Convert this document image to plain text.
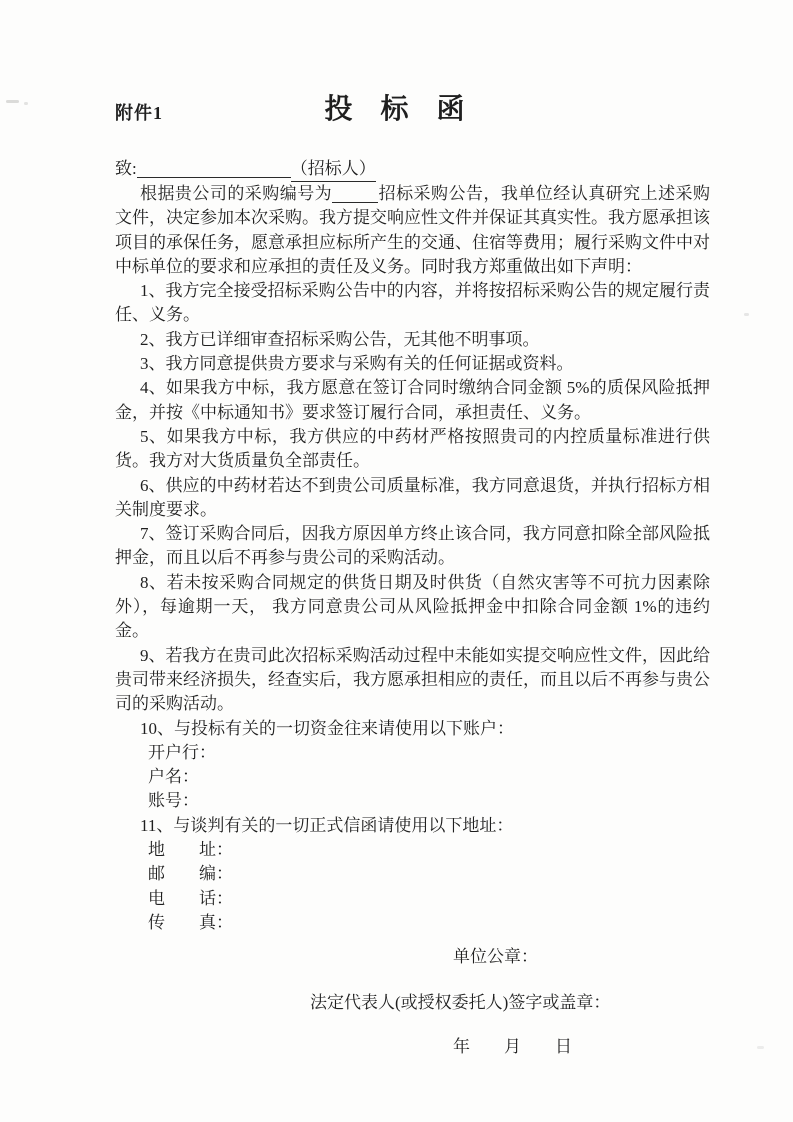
附件1	投　标　函
致:	（招标人）

根据贵公司的采购编号为	招标采购公告，我单位经认真研究上述采购文件，决定参加本次采购。我方提交响应性文件并保证其真实性。我方愿承担该项目的承保任务，愿意承担应标所产生的交通、住宿等费用；履行采购文件中对中标单位的要求和应承担的责任及义务。同时我方郑重做出如下声明：

1、我方完全接受招标采购公告中的内容，并将按招标采购公告的规定履行责任、义务。

2、我方已详细审查招标采购公告，无其他不明事项。

3、我方同意提供贵方要求与采购有关的任何证据或资料。

4、如果我方中标，我方愿意在签订合同时缴纳合同金额 5%的质保风险抵押金，并按《中标通知书》要求签订履行合同，承担责任、义务。

5、如果我方中标，我方供应的中药材严格按照贵司的内控质量标准进行供货。我方对大货质量负全部责任。

6、供应的中药材若达不到贵公司质量标准，我方同意退货，并执行招标方相关制度要求。

7、签订采购合同后，因我方原因单方终止该合同，我方同意扣除全部风险抵押金，而且以后不再参与贵公司的采购活动。

8、若未按采购合同规定的供货日期及时供货（自然灾害等不可抗力因素除外），每逾期一天， 我方同意贵公司从风险抵押金中扣除合同金额 1%的违约金。

9、若我方在贵司此次招标采购活动过程中未能如实提交响应性文件，因此给贵司带来经济损失，经查实后，我方愿承担相应的责任，而且以后不再参与贵公司的采购活动。

10、与投标有关的一切资金往来请使用以下账户：

开户行：
户名：
账号：

11、与谈判有关的一切正式信函请使用以下地址：

地　　址：
邮　　编：
电　　话：
传　　真：
单位公章：
法定代表人(或授权委托人)签字或盖章：
年　　月　　日
